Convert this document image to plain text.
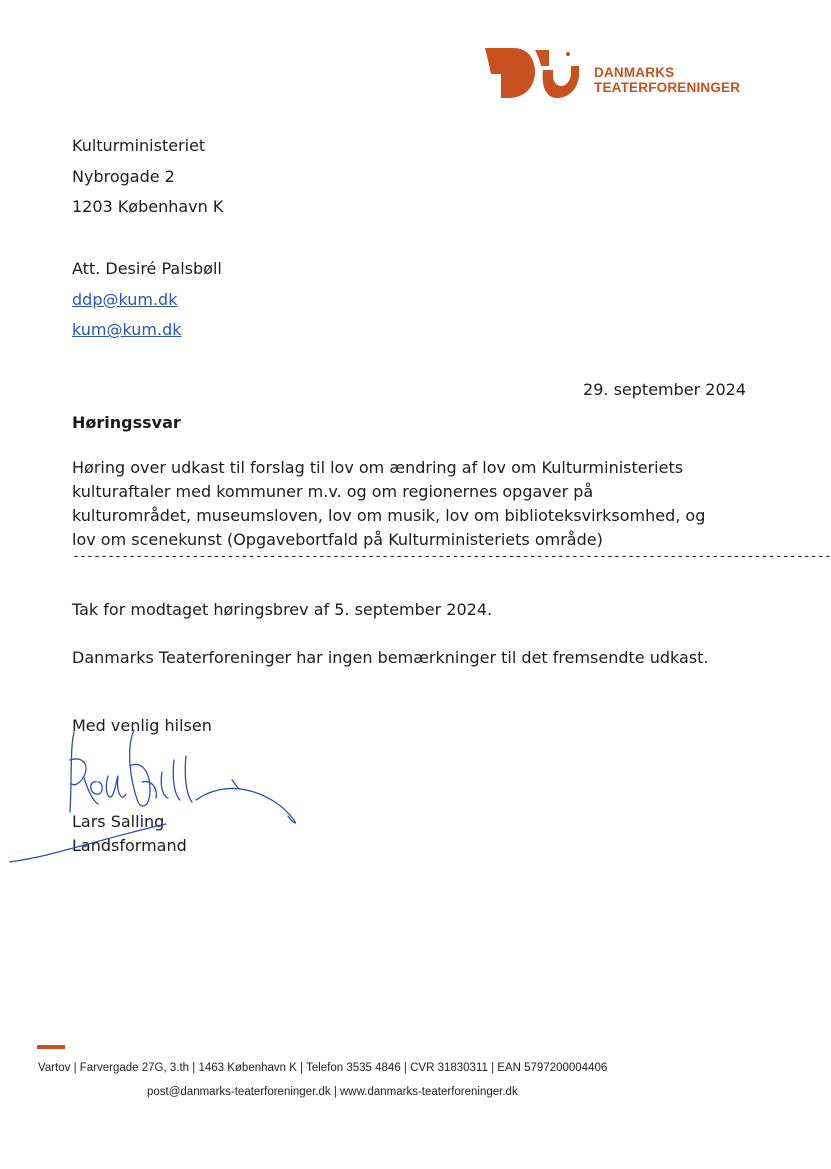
DANMARKS
TEATERFORENINGER
Kulturministeriet
Nybrogade 2
1203 København K
Att. Desiré Palsbøll
ddp@kum.dk
kum@kum.dk
29. september 2024
Høringssvar
Høring over udkast til forslag til lov om ændring af lov om Kulturministeriets
kulturaftaler med kommuner m.v. og om regionernes opgaver på
kulturområdet, museumsloven, lov om musik, lov om biblioteksvirksomhed, og
lov om scenekunst (Opgavebortfald på Kulturministeriets område)
------------------------------------------------------------------------------------------------------------
Tak for modtaget høringsbrev af 5. september 2024.
Danmarks Teaterforeninger har ingen bemærkninger til det fremsendte udkast.
Med venlig hilsen
Lars Salling
Landsformand
Vartov | Farvergade 27G, 3.th | 1463 København K | Telefon 3535 4846 | CVR 31830311 | EAN 5797200004406
post@danmarks-teaterforeninger.dk | www.danmarks-teaterforeninger.dk
